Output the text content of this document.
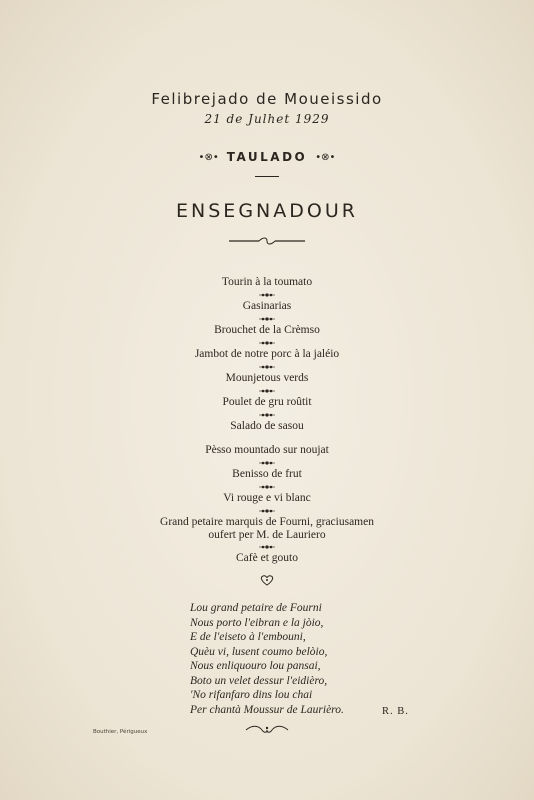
Felibrejado de Moueissido
21 de Julhet 1929
•⊗• TAULADO •⊗•
ENSEGNADOUR
Tourin à la toumato
Gasinarias
Brouchet de la Crèmso
Jambot de notre porc à la jaléio
Mounjetous verds
Poulet de gru roûtit
Salado de sasou
Pèsso mountado sur noujat
Benisso de frut
Vi rouge e vi blanc
Grand petaire marquis de Fourni, graciusamen
oufert per M. de Lauriero
Cafè et gouto
Lou grand petaire de Fourni
Nous porto l'eibran e la jòio,
E de l'eiseto à l'embouni,
Quèu vi, lusent coumo belòio,
Nous enliquouro lou pansai,
Boto un velet dessur l'eidièro,
'No rifanfaro dins lou chai
Per chantà Moussur de Laurièro.	R. B.
Bouthier, Périgueux
